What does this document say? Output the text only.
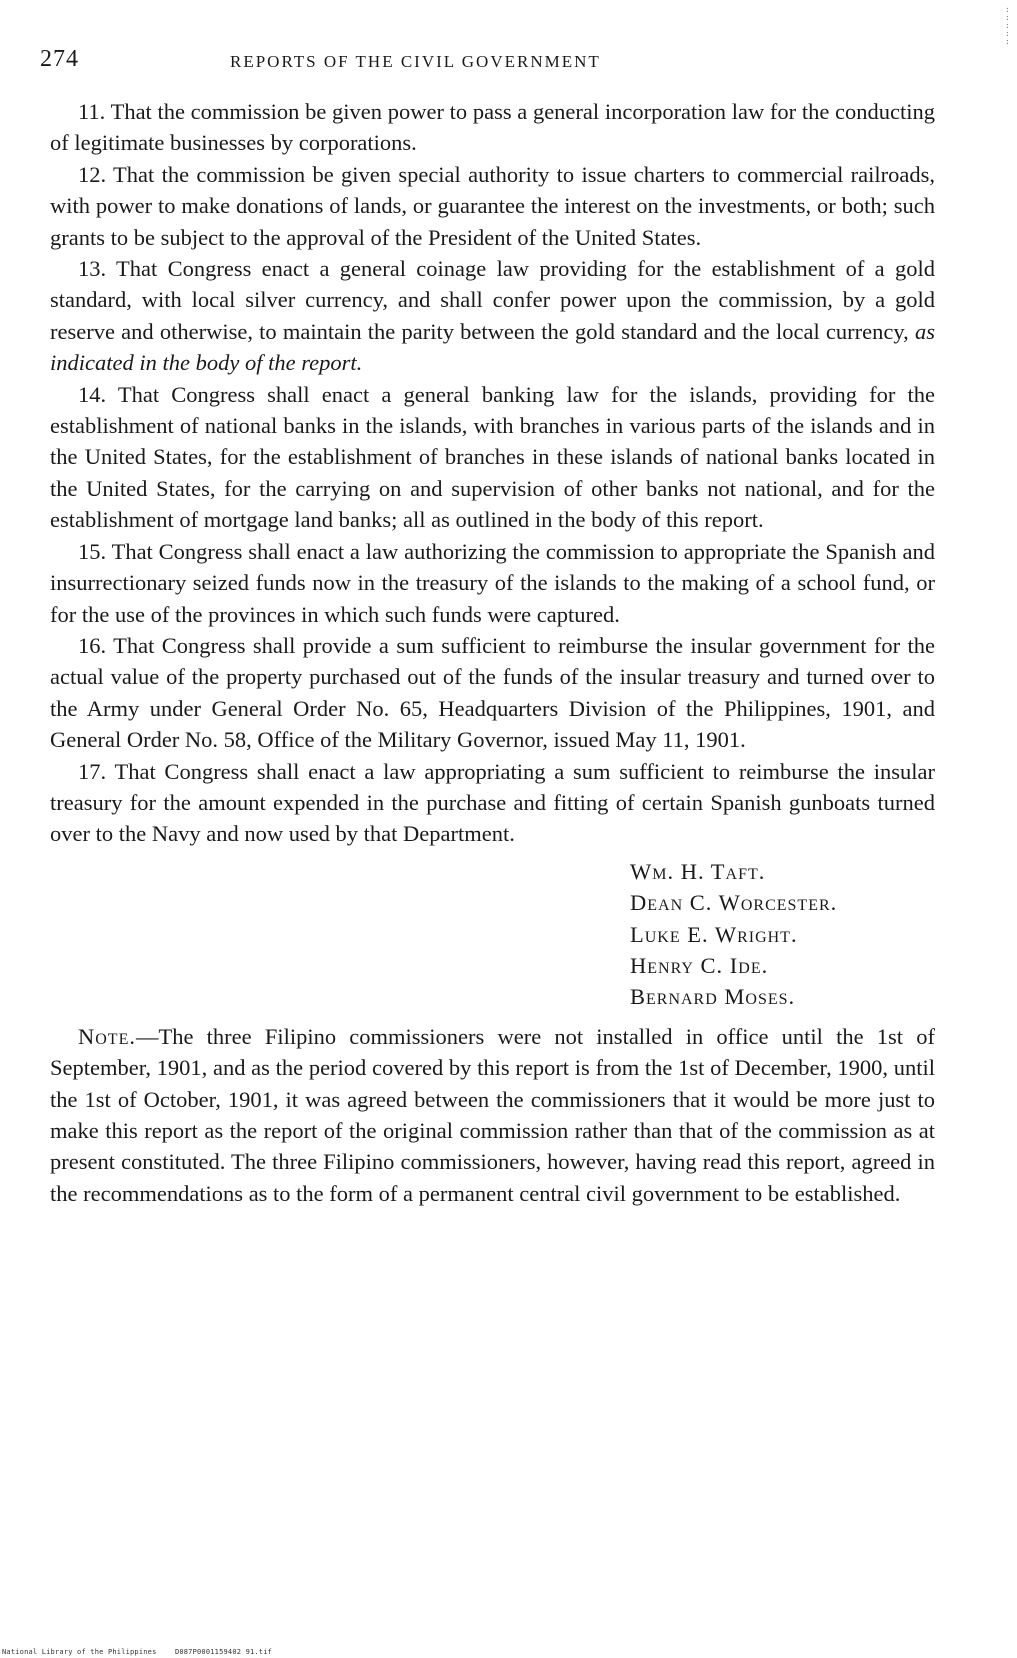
274	REPORTS OF THE CIVIL GOVERNMENT

11. That the commission be given power to pass a general incorporation law for the conducting of legitimate businesses by corporations.

12. That the commission be given special authority to issue charters to commercial railroads, with power to make donations of lands, or guarantee the interest on the investments, or both; such grants to be subject to the approval of the President of the United States.

13. That Congress enact a general coinage law providing for the establishment of a gold standard, with local silver currency, and shall confer power upon the commission, by a gold reserve and otherwise, to maintain the parity between the gold standard and the local currency, as indicated in the body of the report.

14. That Congress shall enact a general banking law for the islands, providing for the establishment of national banks in the islands, with branches in various parts of the islands and in the United States, for the establishment of branches in these islands of national banks located in the United States, for the carrying on and supervision of other banks not national, and for the establishment of mortgage land banks; all as outlined in the body of this report.

15. That Congress shall enact a law authorizing the commission to appropriate the Spanish and insurrectionary seized funds now in the treasury of the islands to the making of a school fund, or for the use of the provinces in which such funds were captured.

16. That Congress shall provide a sum sufficient to reimburse the insular government for the actual value of the property purchased out of the funds of the insular treasury and turned over to the Army under General Order No. 65, Headquarters Division of the Philippines, 1901, and General Order No. 58, Office of the Military Governor, issued May 11, 1901.

17. That Congress shall enact a law appropriating a sum sufficient to reimburse the insular treasury for the amount expended in the purchase and fitting of certain Spanish gunboats turned over to the Navy and now used by that Department.

Wm. H. Taft.
Dean C. Worcester.
Luke E. Wright.
Henry C. Ide.
Bernard Moses.

Note.—The three Filipino commissioners were not installed in office until the 1st of September, 1901, and as the period covered by this report is from the 1st of December, 1900, until the 1st of October, 1901, it was agreed between the commissioners that it would be more just to make this report as the report of the original commission rather than that of the commission as at present constituted. The three Filipino commissioners, however, having read this report, agreed in the recommendations as to the form of a permanent central civil government to be established.

:
:
:
:
:
National Library of the Philippines	D087P0001159402 91.tif
